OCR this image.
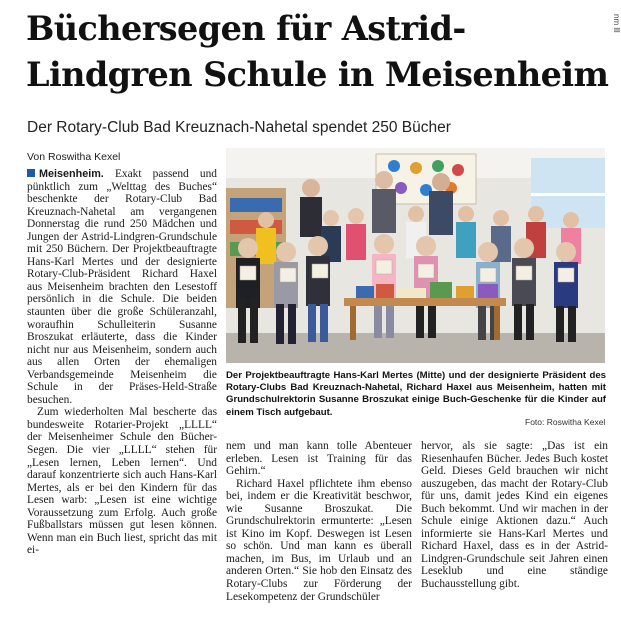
Büchersegen für Astrid-Lindgren Schule in Meisenheim

Der Rotary-Club Bad Kreuznach-Nahetal spendet 250 Bücher

Von Roswitha Kexel

nm lll

Meisenheim. Exakt passend und pünktlich zum „Welttag des Buches“ beschenkte der Rotary-Club Bad Kreuznach-Nahetal am vergangenen Donnerstag die rund 250 Mädchen und Jungen der Astrid-Lindgren-Grundschule mit 250 Büchern. Der Projektbeauftragte Hans-Karl Mertes und der designierte Rotary-Club-Präsident Richard Haxel aus Meisenheim brachten den Lesestoff persönlich in die Schule. Die beiden staunten über die große Schüleranzahl, woraufhin Schulleiterin Susanne Broszukat erläuterte, dass die Kinder nicht nur aus Meisenheim, sondern auch aus allen Orten der ehemaligen Verbandsgemeinde Meisenheim die Schule in der Präses-Held-Straße besuchen.

Zum wiederholten Mal bescherte das bundesweite Rotarier-Projekt „LLLL“ der Meisenheimer Schule den Bücher-Segen. Die vier „LLLL“ stehen für „Lesen lernen, Leben lernen“. Und darauf konzentrierte sich auch Hans-Karl Mertes, als er bei den Kindern für das Lesen warb: „Lesen ist eine wichtige Voraussetzung zum Erfolg. Auch große Fußballstars müssen gut lesen können. Wenn man ein Buch liest, spricht das mit ei-

Der Projektbeauftragte Hans-Karl Mertes (Mitte) und der designierte Präsident des Rotary-Clubs Bad Kreuznach-Nahetal, Richard Haxel aus Meisenheim, hatten mit Grundschulrektorin Susanne Broszukat einige Buch-Geschenke für die Kinder auf einem Tisch aufgebaut.
Foto: Roswitha Kexel

nem und man kann tolle Abenteuer erleben. Lesen ist Training für das Gehirn.“

Richard Haxel pflichtete ihm ebenso bei, indem er die Kreativität beschwor, wie Susanne Broszukat. Die Grundschulrektorin ermunterte: „Lesen ist Kino im Kopf. Deswegen ist Lesen so schön. Und man kann es überall machen, im Bus, im Urlaub und an anderen Orten.“ Sie hob den Einsatz des Rotary-Clubs zur Förderung der Lesekompetenz der Grundschüler

hervor, als sie sagte: „Das ist ein Riesenhaufen Bücher. Jedes Buch kostet Geld. Dieses Geld brauchen wir nicht auszugeben, das macht der Rotary-Club für uns, damit jedes Kind ein eigenes Buch bekommt. Und wir machen in der Schule einige Aktionen dazu.“ Auch informierte sie Hans-Karl Mertes und Richard Haxel, dass es in der Astrid-Lindgren-Grundschule seit Jahren einen Leseklub und eine ständige Buchausstellung gibt.
